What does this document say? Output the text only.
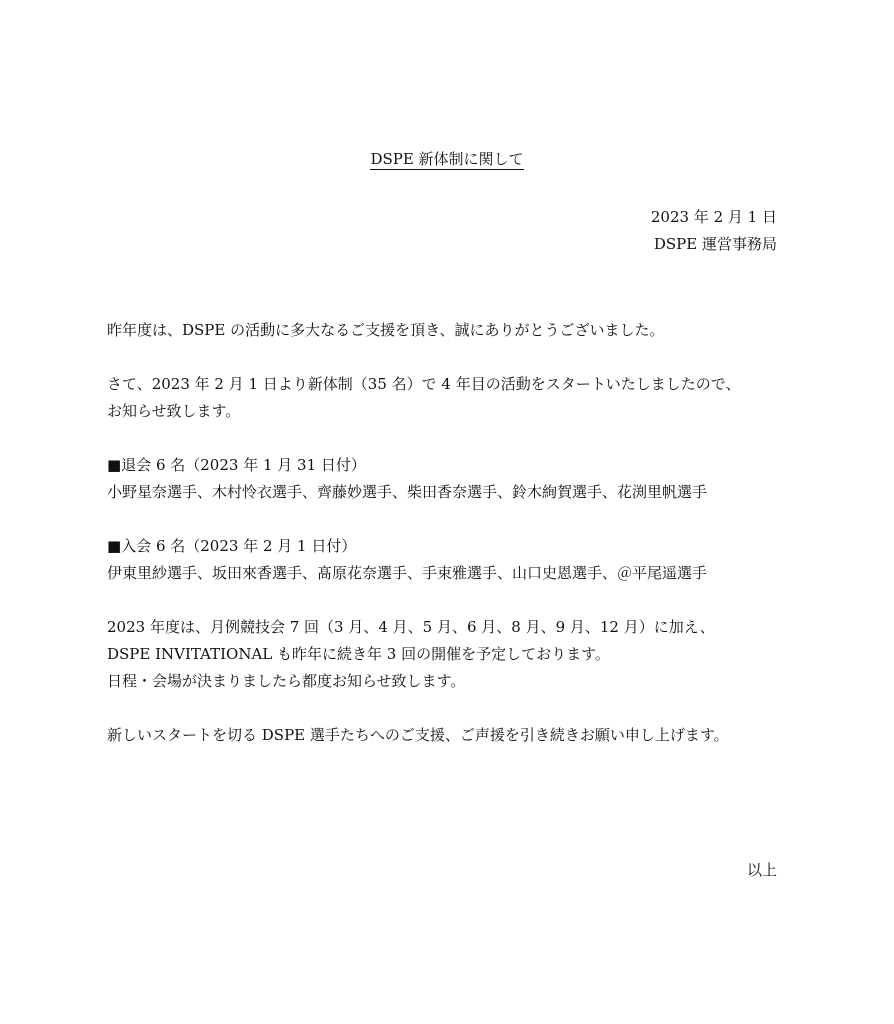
DSPE 新体制に関して
2023 年 2 月 1 日
DSPE 運営事務局
昨年度は、DSPE の活動に多大なるご支援を頂き、誠にありがとうございました。
さて、2023 年 2 月 1 日より新体制（35 名）で 4 年目の活動をスタートいたしましたので、
お知らせ致します。
■退会 6 名（2023 年 1 月 31 日付）
小野星奈選手、木村怜衣選手、齊藤妙選手、柴田香奈選手、鈴木絢賀選手、花渕里帆選手
■入会 6 名（2023 年 2 月 1 日付）
伊東里紗選手、坂田來香選手、髙原花奈選手、手束雅選手、山口史恩選手、＠平尾遥選手
2023 年度は、月例競技会 7 回（3 月、4 月、5 月、6 月、8 月、9 月、12 月）に加え、
DSPE INVITATIONAL も昨年に続き年 3 回の開催を予定しております。
日程・会場が決まりましたら都度お知らせ致します。
新しいスタートを切る DSPE 選手たちへのご支援、ご声援を引き続きお願い申し上げます。
以上
